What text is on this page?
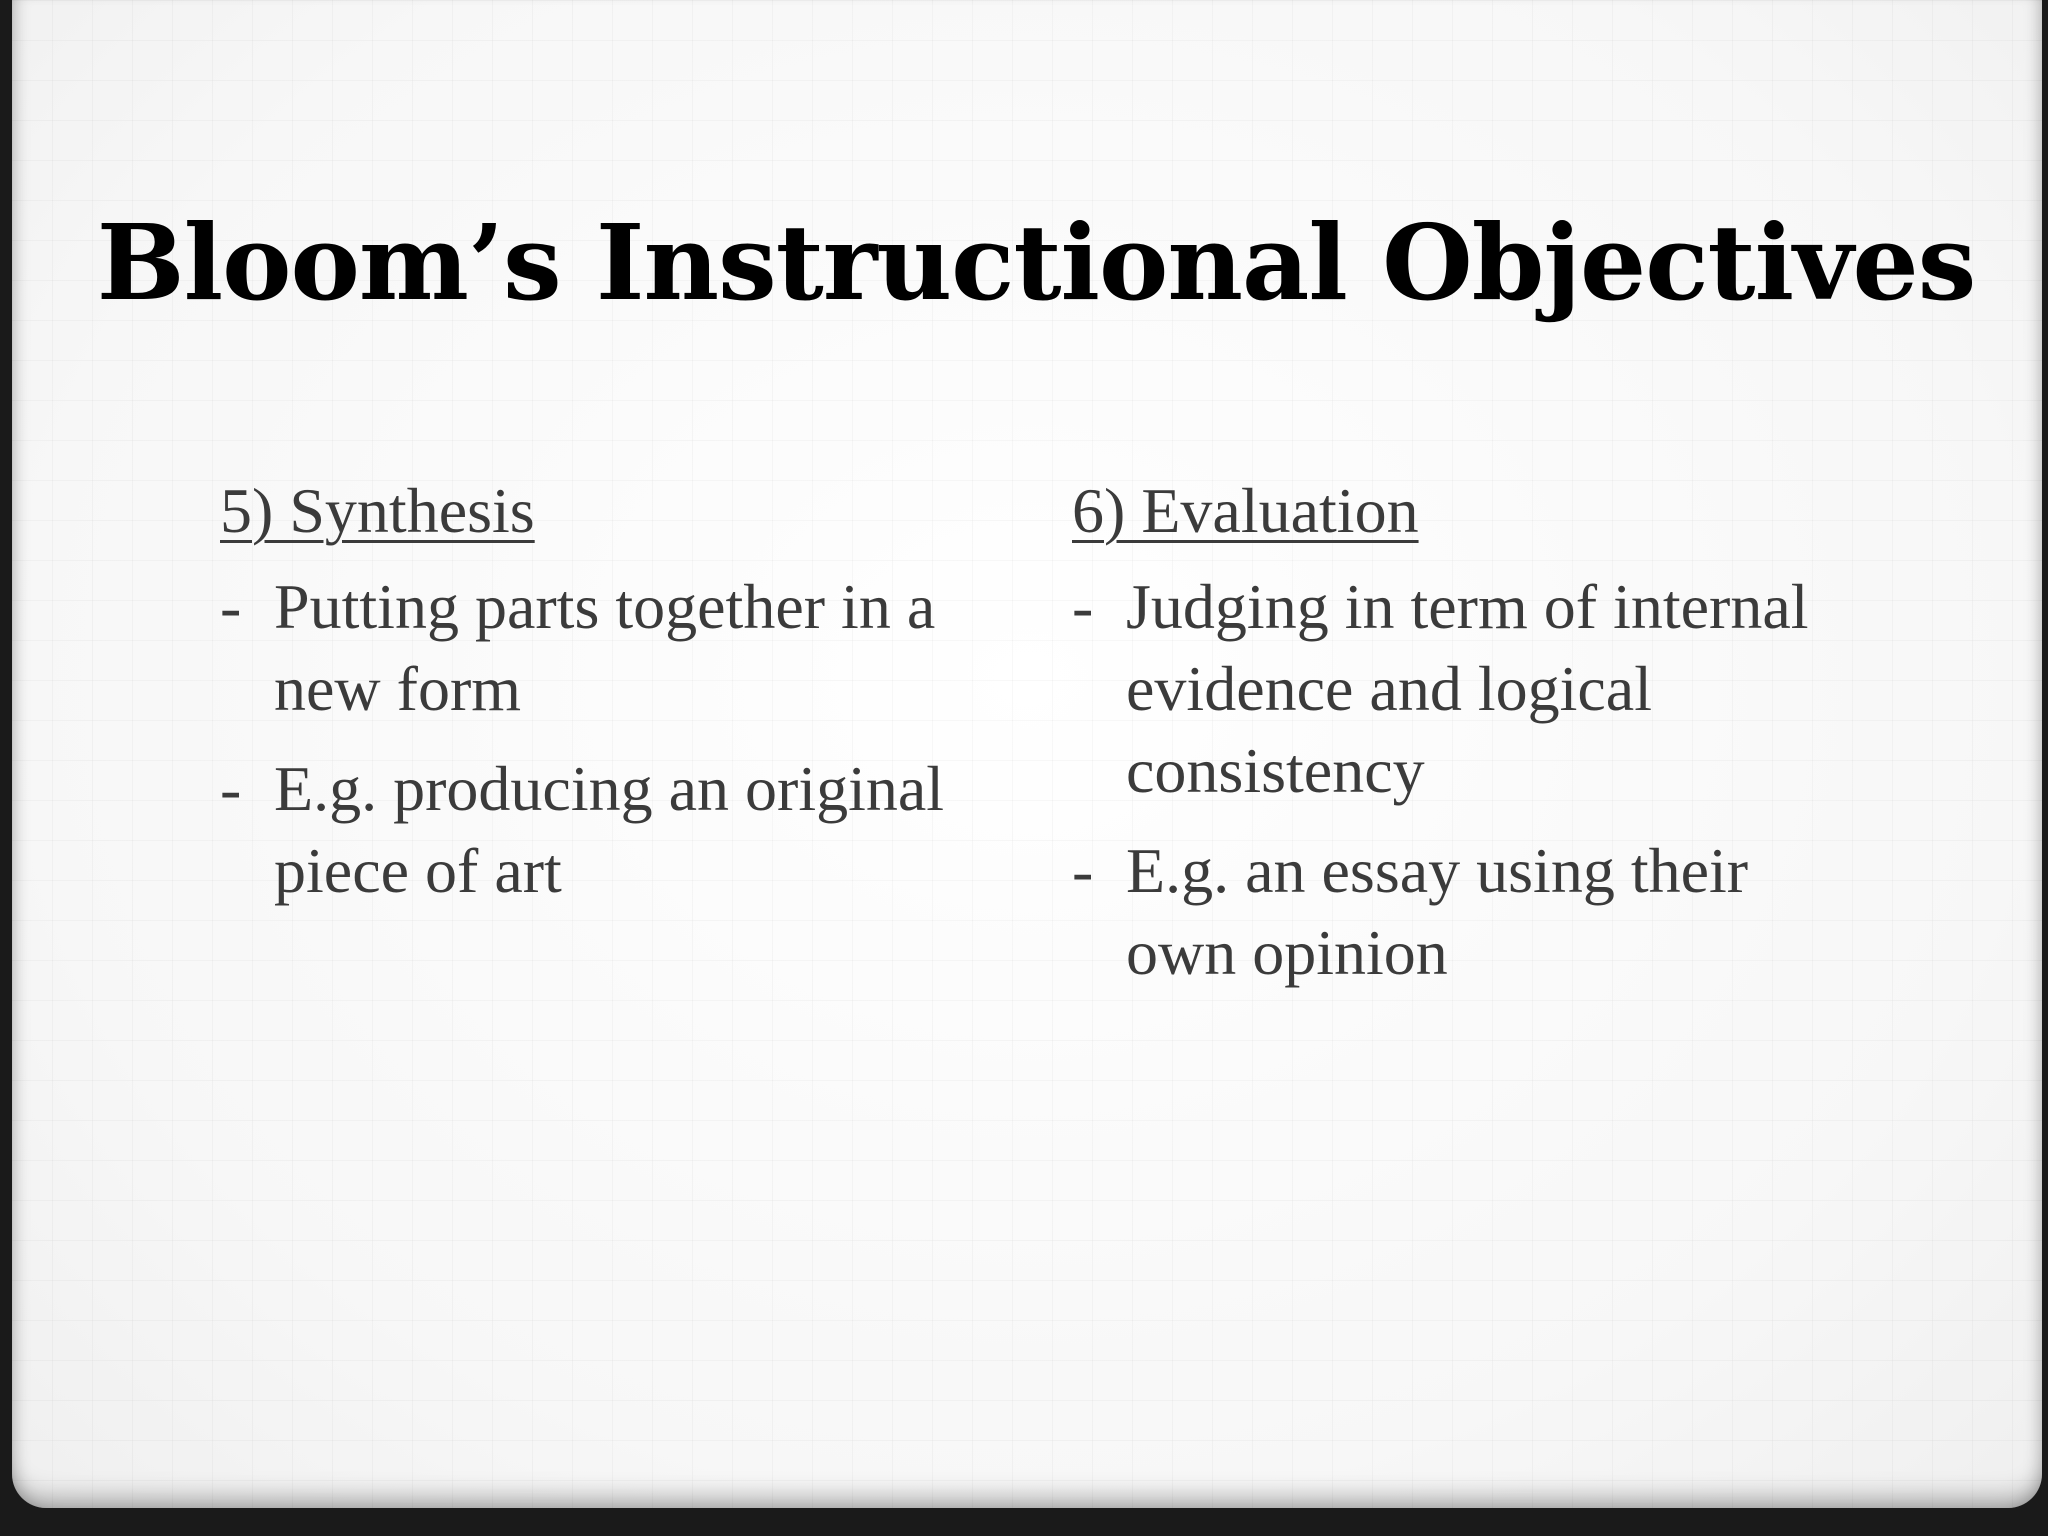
Bloom’s Instructional Objectives
5) Synthesis
- Putting parts together in a new form
- E.g. producing an original piece of art
6) Evaluation
- Judging in term of internal evidence and logical consistency
- E.g. an essay using their own opinion
